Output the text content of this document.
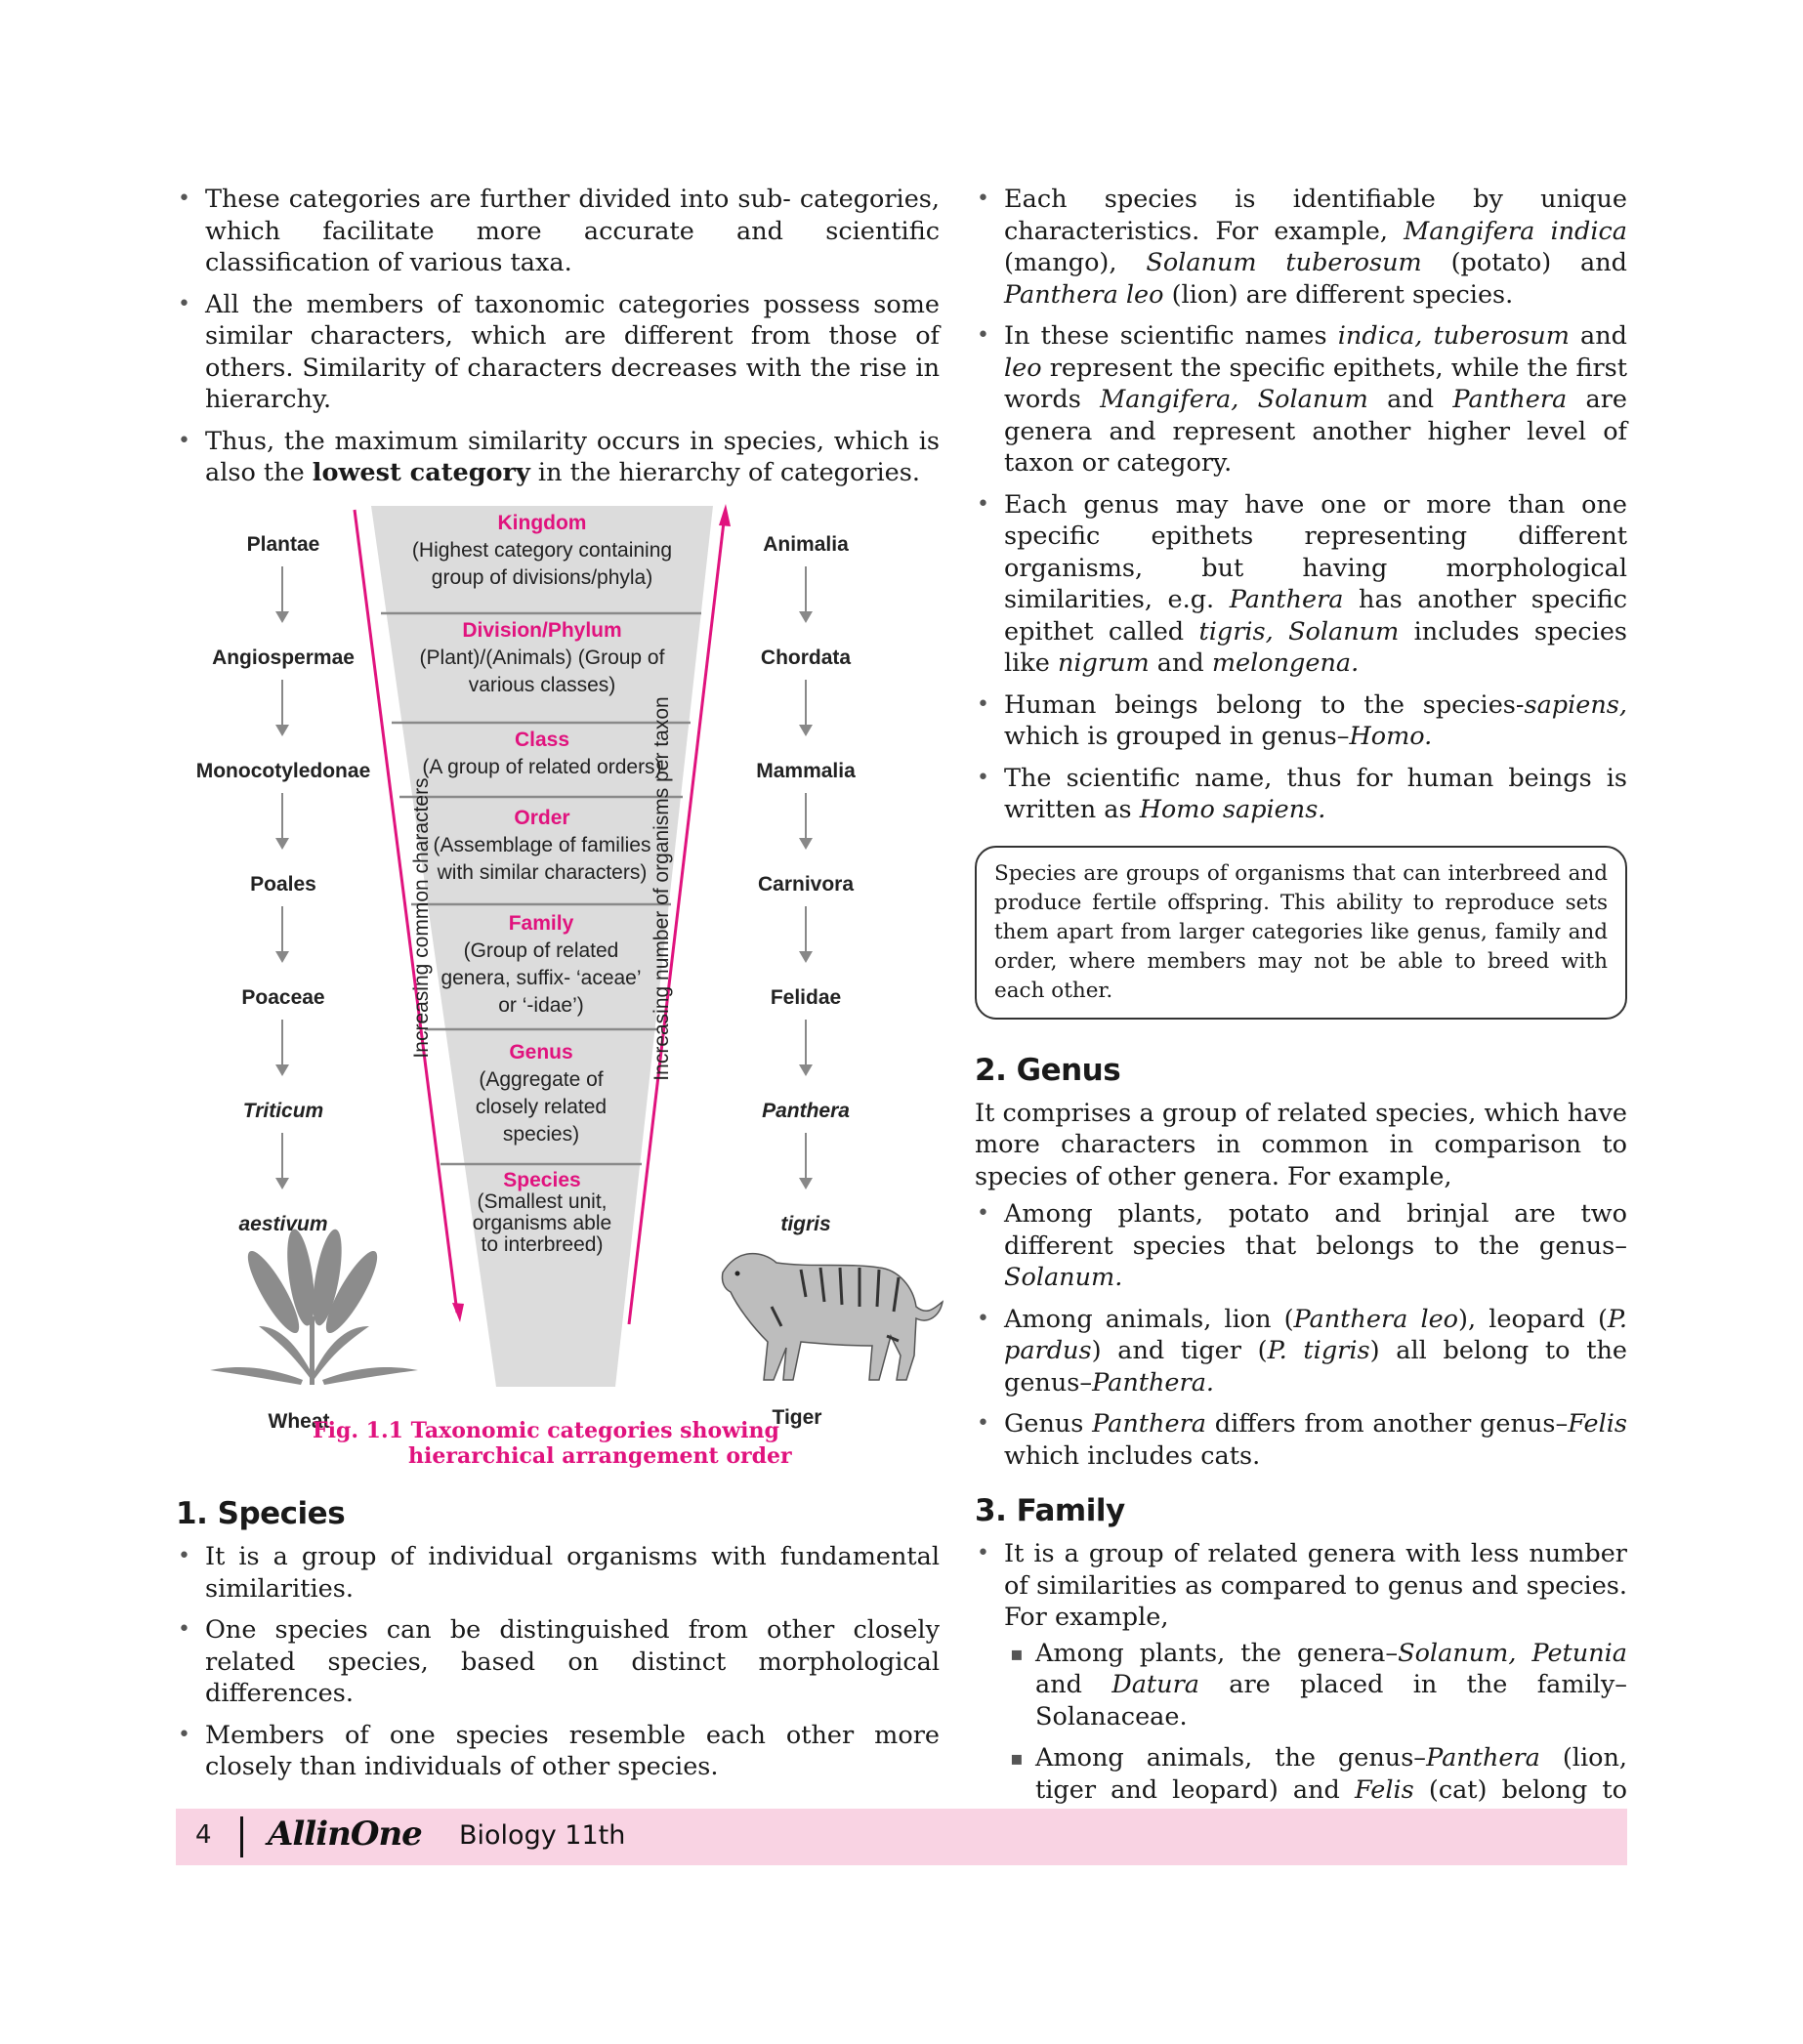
• These categories are further divided into sub- categories, which facilitate more accurate and scientific classification of various taxa.
• All the members of taxonomic categories possess some similar characters, which are different from those of others. Similarity of characters decreases with the rise in hierarchy.
• Thus, the maximum similarity occurs in species, which is also the lowest category in the hierarchy of categories.
Plantae
Angiospermae
Monocotyledonae
Poales
Poaceae
Triticum
aestivum
Wheat
Animalia
Chordata
Mammalia
Carnivora
Felidae
Panthera
tigris
Tiger
Increasing common characters	Increasing number of organisms per taxon
Kingdom
(Highest category containing group of divisions/phyla)
Division/Phylum
(Plant)/(Animals) (Group of various classes)
Class
(A group of related orders)
Order
(Assemblage of families with similar characters)
Family
(Group of related genera, suffix- ‘aceae’ or ‘-idae’)
Genus
(Aggregate of closely related species)
Species
(Smallest unit, organisms able to interbreed)
Fig. 1.1 Taxonomic categories showing
hierarchical arrangement order
1. Species
• It is a group of individual organisms with fundamental similarities.
• One species can be distinguished from other closely related species, based on distinct morphological differences.
• Members of one species resemble each other more closely than individuals of other species.
• Each species is identifiable by unique characteristics. For example, Mangifera indica (mango), Solanum tuberosum (potato) and Panthera leo (lion) are different species.
• In these scientific names indica, tuberosum and leo represent the specific epithets, while the first words Mangifera, Solanum and Panthera are genera and represent another higher level of taxon or category.
• Each genus may have one or more than one specific epithets representing different organisms, but having morphological similarities, e.g. Panthera has another specific epithet called tigris, Solanum includes species like nigrum and melongena.
• Human beings belong to the species-sapiens, which is grouped in genus–Homo.
• The scientific name, thus for human beings is written as Homo sapiens.
Species are groups of organisms that can interbreed and produce fertile offspring. This ability to reproduce sets them apart from larger categories like genus, family and order, where members may not be able to breed with each other.
2. Genus

It comprises a group of related species, which have more characters in common in comparison to species of other genera. For example,

• Among plants, potato and brinjal are two different species that belongs to the genus–Solanum.
• Among animals, lion (Panthera leo), leopard (P. pardus) and tiger (P. tigris) all belong to the genus–Panthera.
• Genus Panthera differs from another genus–Felis which includes cats.
3. Family
• It is a group of related genera with less number of similarities as compared to genus and species. For example,
▪ Among plants, the genera–Solanum, Petunia and Datura are placed in the family–Solanaceae.
▪ Among animals, the genus–Panthera (lion, tiger and leopard) and Felis (cat) belong to
4 AllinOne Biology 11th
